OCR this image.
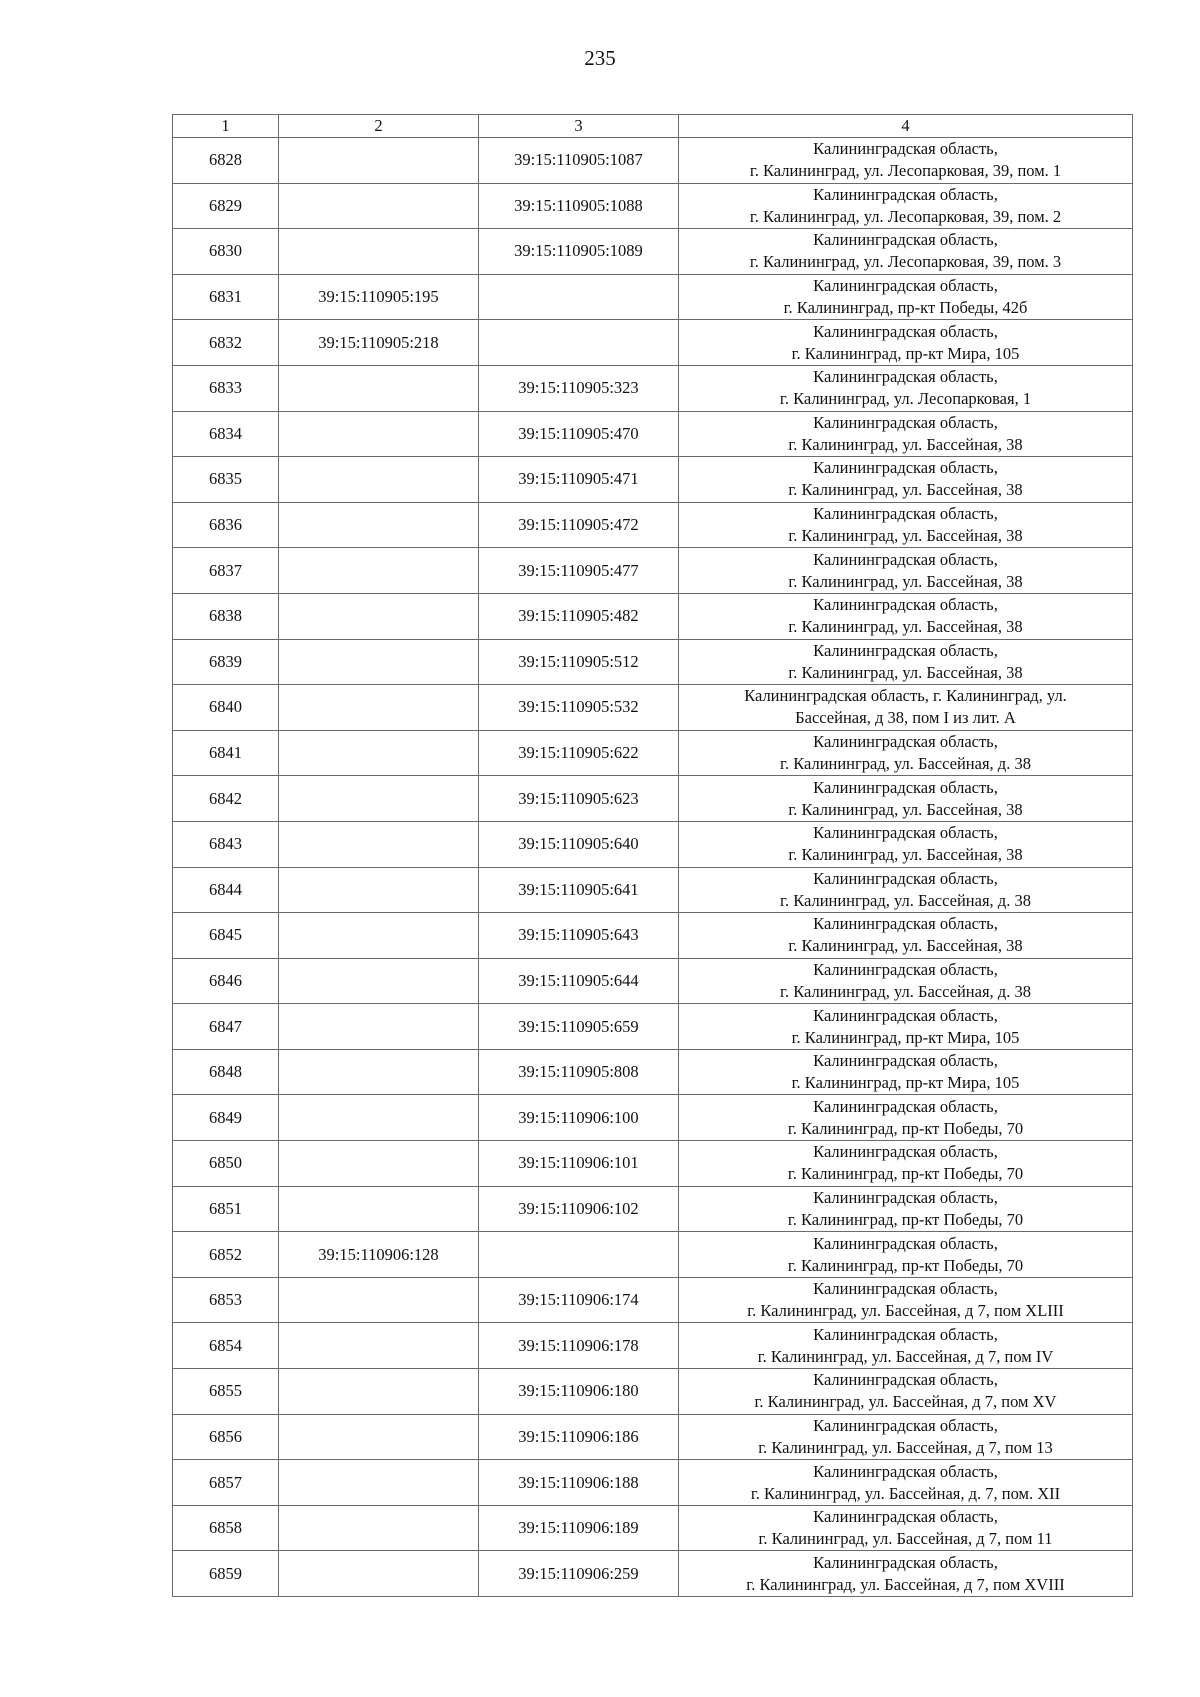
235
1	2	3	4
6828		39:15:110905:1087	Калининградская область,
г. Калининград, ул. Лесопарковая, 39, пом. 1

6829		39:15:110905:1088	Калининградская область,
г. Калининград, ул. Лесопарковая, 39, пом. 2

6830		39:15:110905:1089	Калининградская область,
г. Калининград, ул. Лесопарковая, 39, пом. 3

6831	39:15:110905:195		Калининградская область,
г. Калининград, пр-кт Победы, 42б

6832	39:15:110905:218		Калининградская область,
г. Калининград, пр-кт Мира, 105

6833		39:15:110905:323	Калининградская область,
г. Калининград, ул. Лесопарковая, 1

6834		39:15:110905:470	Калининградская область,
г. Калининград, ул. Бассейная, 38

6835		39:15:110905:471	Калининградская область,
г. Калининград, ул. Бассейная, 38

6836		39:15:110905:472	Калининградская область,
г. Калининград, ул. Бассейная, 38

6837		39:15:110905:477	Калининградская область,
г. Калининград, ул. Бассейная, 38

6838		39:15:110905:482	Калининградская область,
г. Калининград, ул. Бассейная, 38

6839		39:15:110905:512	Калининградская область,
г. Калининград, ул. Бассейная, 38

6840		39:15:110905:532	Калининградская область, г. Калининград, ул.
Бассейная, д 38, пом I из лит. А

6841		39:15:110905:622	Калининградская область,
г. Калининград, ул. Бассейная, д. 38

6842		39:15:110905:623	Калининградская область,
г. Калининград, ул. Бассейная, 38

6843		39:15:110905:640	Калининградская область,
г. Калининград, ул. Бассейная, 38

6844		39:15:110905:641	Калининградская область,
г. Калининград, ул. Бассейная, д. 38

6845		39:15:110905:643	Калининградская область,
г. Калининград, ул. Бассейная, 38

6846		39:15:110905:644	Калининградская область,
г. Калининград, ул. Бассейная, д. 38

6847		39:15:110905:659	Калининградская область,
г. Калининград, пр-кт Мира, 105

6848		39:15:110905:808	Калининградская область,
г. Калининград, пр-кт Мира, 105

6849		39:15:110906:100	Калининградская область,
г. Калининград, пр-кт Победы, 70

6850		39:15:110906:101	Калининградская область,
г. Калининград, пр-кт Победы, 70

6851		39:15:110906:102	Калининградская область,
г. Калининград, пр-кт Победы, 70

6852	39:15:110906:128		Калининградская область,
г. Калининград, пр-кт Победы, 70

6853		39:15:110906:174	Калининградская область,
г. Калининград, ул. Бассейная, д 7, пом XLIII

6854		39:15:110906:178	Калининградская область,
г. Калининград, ул. Бассейная, д 7, пом IV

6855		39:15:110906:180	Калининградская область,
г. Калининград, ул. Бассейная, д 7, пом XV

6856		39:15:110906:186	Калининградская область,
г. Калининград, ул. Бассейная, д 7, пом 13

6857		39:15:110906:188	Калининградская область,
г. Калининград, ул. Бассейная, д. 7, пом. XII

6858		39:15:110906:189	Калининградская область,
г. Калининград, ул. Бассейная, д 7, пом 11

6859		39:15:110906:259	Калининградская область,
г. Калининград, ул. Бассейная, д 7, пом XVIII
